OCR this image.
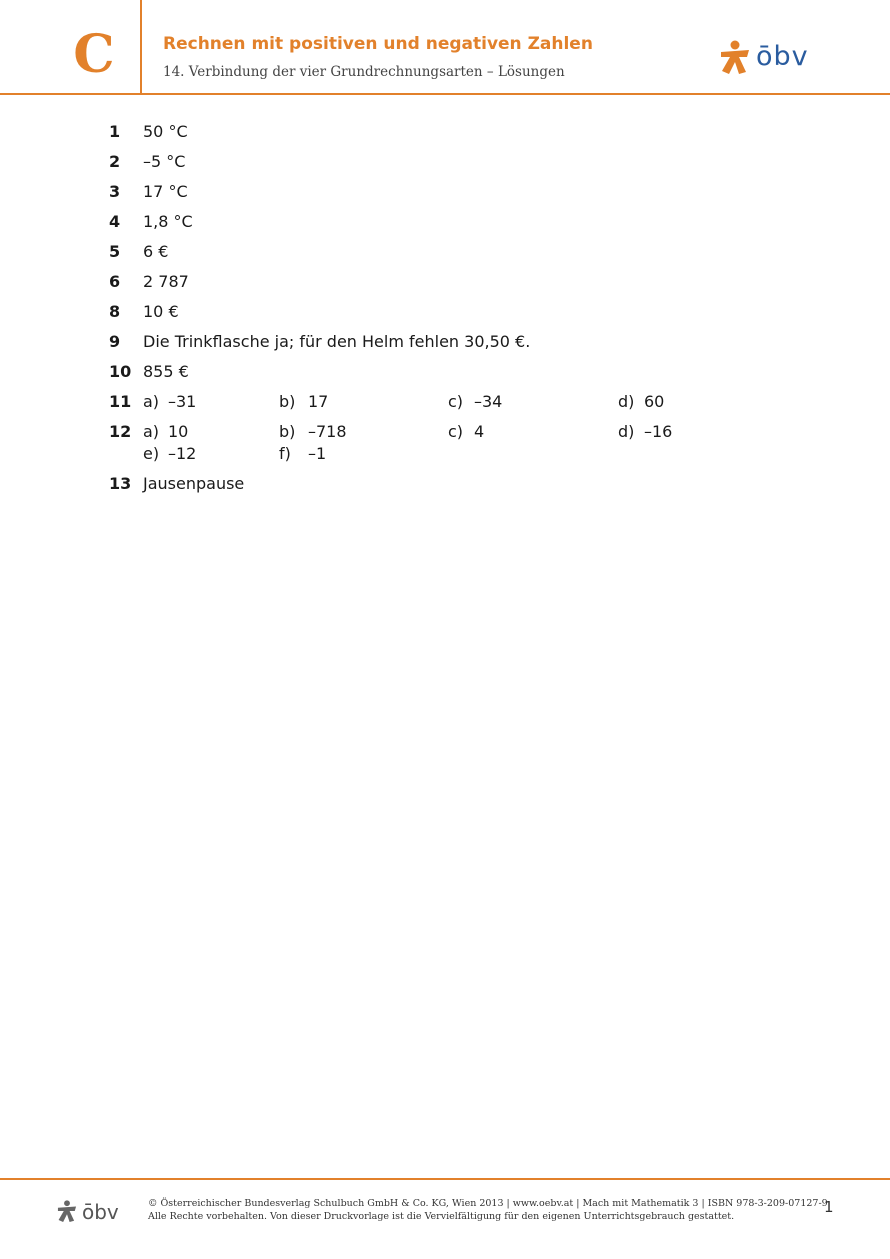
C	Rechnen mit positiven und negativen Zahlen
14. Verbindung der vier Grundrechnungsarten – Lösungen	ōbv
1 50 °C
2 –5 °C
3 17 °C
4 1,8 °C
5 6 €
6 2 787
8 10 €
9 Die Trinkflasche ja; für den Helm fehlen 30,50 €.
10 855 €
11 a) –31	b) 17	c) –34	d) 60
12 a) 10	b) –718	c) 4	d) –16
e) –12	f) –1
13 Jausenpause
ōbv	© Österreichischer Bundesverlag Schulbuch GmbH & Co. KG, Wien 2013 | www.oebv.at | Mach mit Mathematik 3 | ISBN 978-3-209-07127-9
Alle Rechte vorbehalten. Von dieser Druckvorlage ist die Vervielfältigung für den eigenen Unterrichtsgebrauch gestattet.
1
